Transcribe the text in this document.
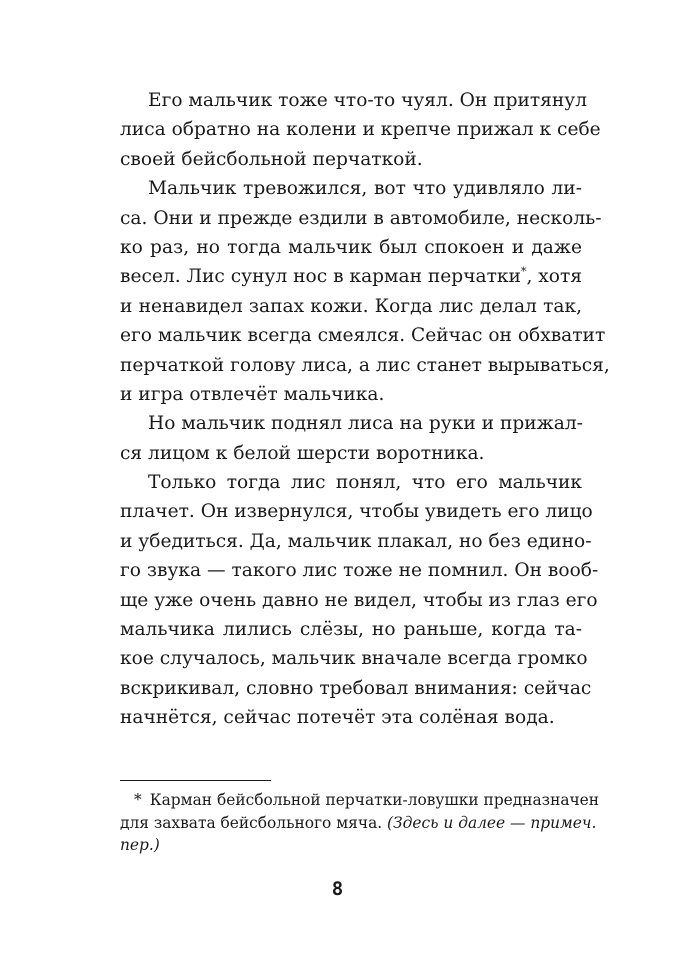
Его мальчик тоже что-то чуял. Он притянул
лиса обратно на колени и крепче прижал к себе
своей бейсбольной перчаткой.
Мальчик тревожился, вот что удивляло ли-
са. Они и прежде ездили в автомобиле, несколь-
ко раз, но тогда мальчик был спокоен и даже
весел. Лис сунул нос в карман перчатки*, хотя
и ненавидел запах кожи. Когда лис делал так,
его мальчик всегда смеялся. Сейчас он обхватит
перчаткой голову лиса, а лис станет вырываться,
и игра отвлечёт мальчика.
Но мальчик поднял лиса на руки и прижал-
ся лицом к белой шерсти воротника.
Только тогда лис понял, что его мальчик
плачет. Он извернулся, чтобы увидеть его лицо
и убедиться. Да, мальчик плакал, но без едино-
го звука — такого лис тоже не помнил. Он вооб-
ще уже очень давно не видел, чтобы из глаз его
мальчика лились слёзы, но раньше, когда та-
кое случалось, мальчик вначале всегда громко
вскрикивал, словно требовал внимания: сейчас
начнётся, сейчас потечёт эта солёная вода.
* Карман бейсбольной перчатки-ловушки предназначен
для захвата бейсбольного мяча. (Здесь и далее — примеч.
пер.)
8
